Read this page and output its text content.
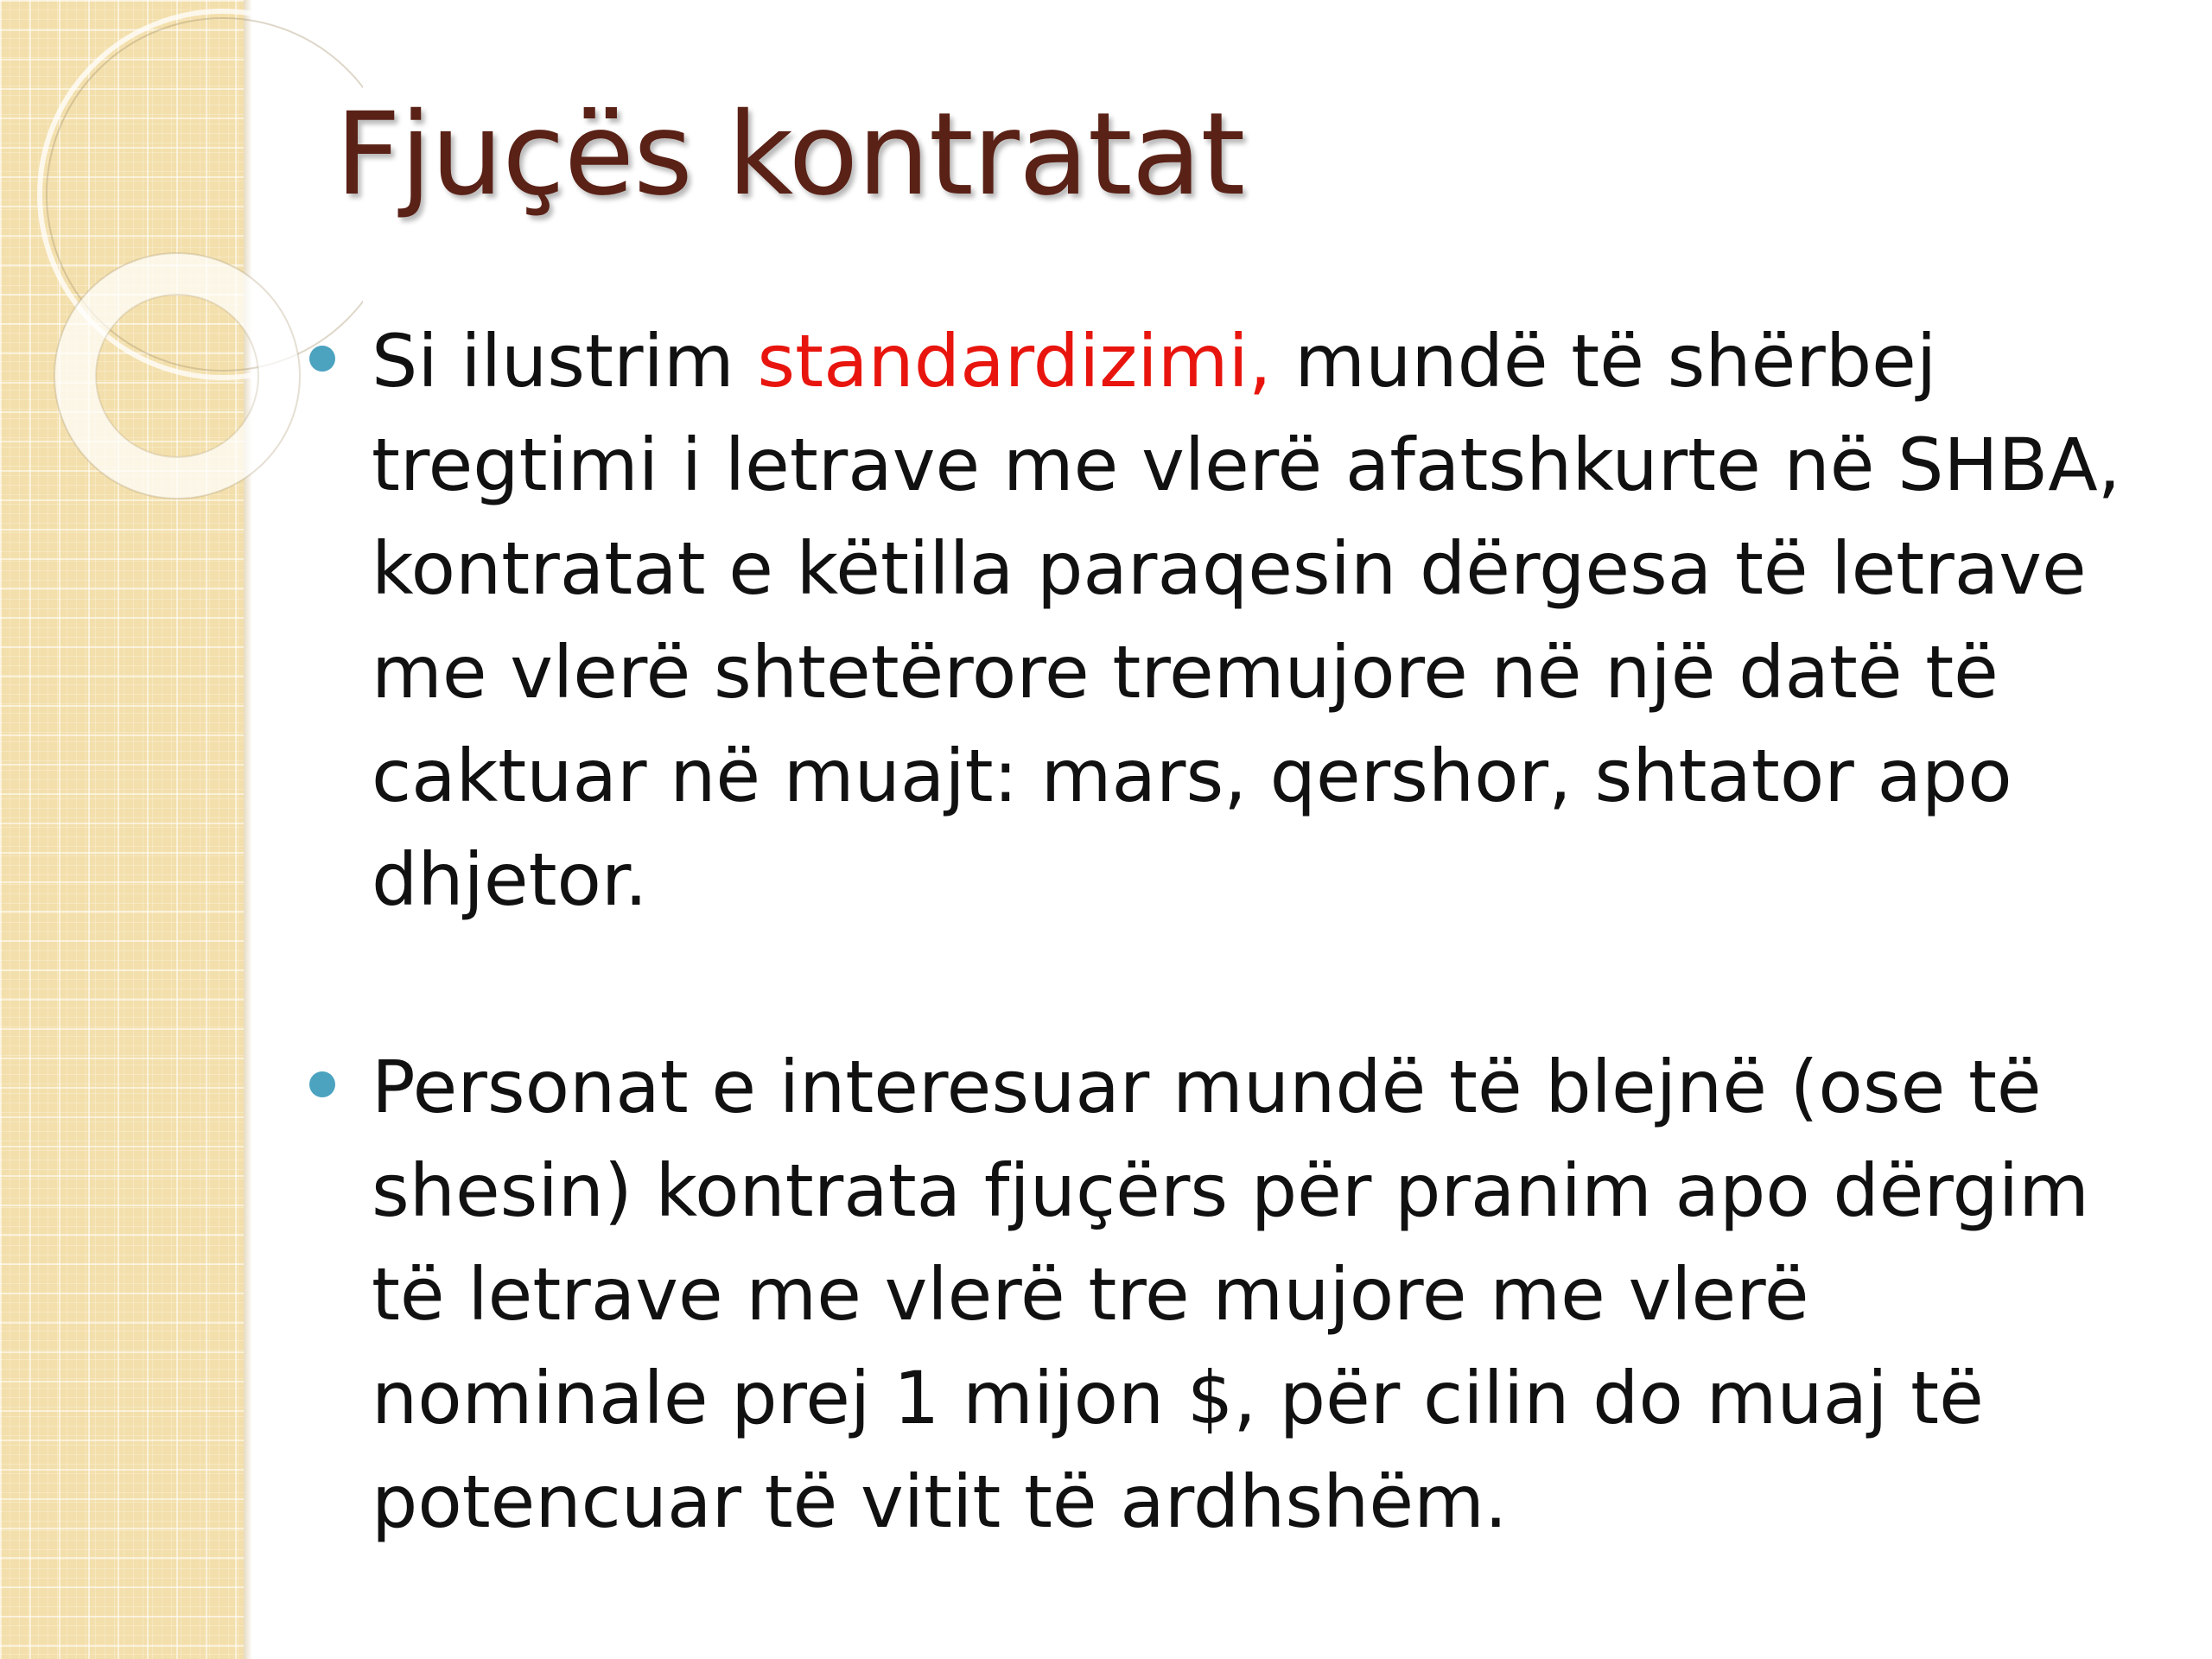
Fjuçës kontratat
Si ilustrim standardizimi, mundë të shërbej
tregtimi i letrave me vlerë afatshkurte në SHBA,
kontratat e këtilla paraqesin dërgesa të letrave
me vlerë shtetërore tremujore në një datë të
caktuar në muajt: mars, qershor, shtator apo
dhjetor.
Personat e interesuar mundë të blejnë (ose të
shesin) kontrata fjuçërs për pranim apo dërgim
të letrave me vlerë tre mujore me vlerë
nominale prej 1 mijon $, për cilin do muaj të
potencuar të vitit të ardhshëm.
